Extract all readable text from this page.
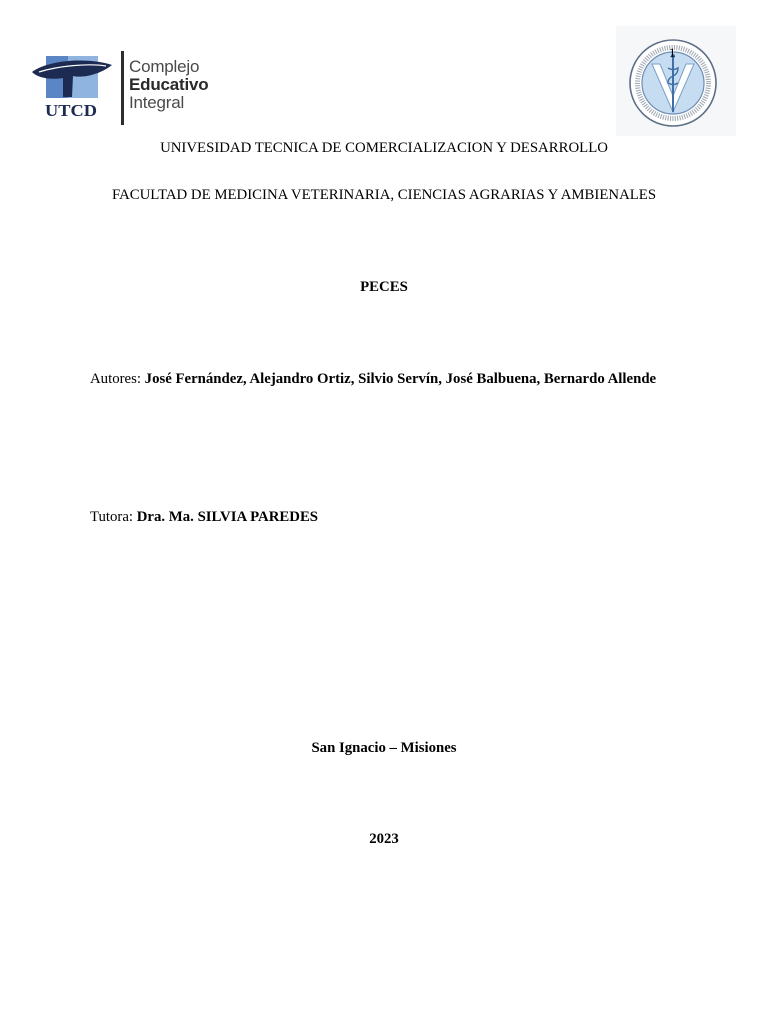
UTCD
Complejo
Educativo
Integral
1
UNIVESIDAD TECNICA DE COMERCIALIZACION Y DESARROLLO
FACULTAD DE MEDICINA VETERINARIA, CIENCIAS AGRARIAS Y AMBIENALES
PECES
Autores: José Fernández, Alejandro Ortiz, Silvio Servín, José Balbuena, Bernardo Allende
Tutora: Dra. Ma. SILVIA PAREDES
San Ignacio – Misiones
2023
